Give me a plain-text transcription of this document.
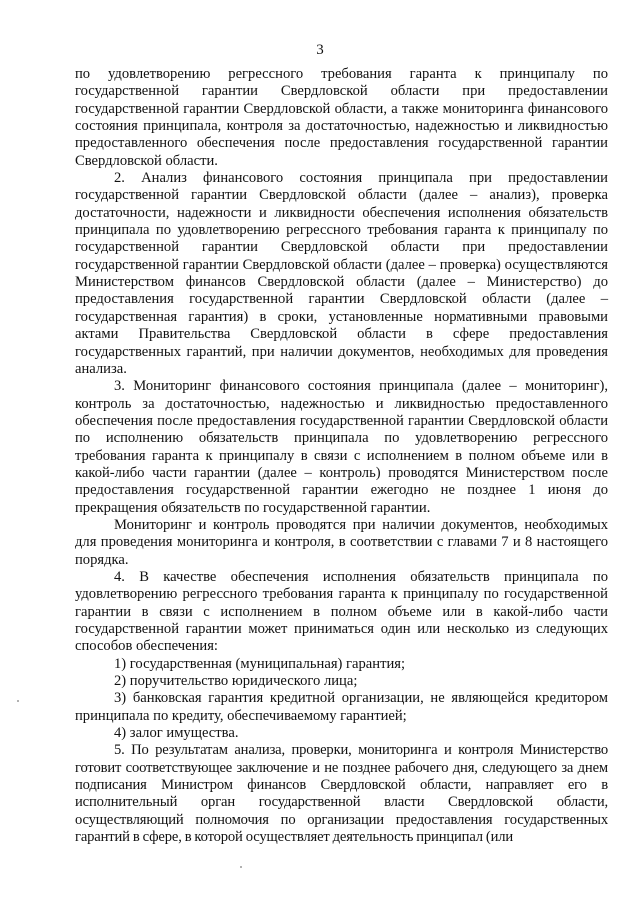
3

по удовлетворению регрессного требования гаранта к принципалу по государственной гарантии Свердловской области при предоставлении государственной гарантии Свердловской области, а также мониторинга финансового состояния принципала, контроля за достаточностью, надежностью и ликвидностью предоставленного обеспечения после предоставления государственной гарантии Свердловской области.

2. Анализ финансового состояния принципала при предоставлении государственной гарантии Свердловской области (далее – анализ), проверка достаточности, надежности и ликвидности обеспечения исполнения обязательств принципала по удовлетворению регрессного требования гаранта к принципалу по государственной гарантии Свердловской области при предоставлении государственной гарантии Свердловской области (далее – проверка) осуществляются Министерством финансов Свердловской области (далее – Министерство) до предоставления государственной гарантии Свердловской области (далее – государственная гарантия) в сроки, установленные нормативными правовыми актами Правительства Свердловской области в сфере предоставления государственных гарантий, при наличии документов, необходимых для проведения анализа.

3. Мониторинг финансового состояния принципала (далее – мониторинг), контроль за достаточностью, надежностью и ликвидностью предоставленного обеспечения после предоставления государственной гарантии Свердловской области по исполнению обязательств принципала по удовлетворению регрессного требования гаранта к принципалу в связи с исполнением в полном объеме или в какой-либо части гарантии (далее – контроль) проводятся Министерством после предоставления государственной гарантии ежегодно не позднее 1 июня до прекращения обязательств по государственной гарантии.

Мониторинг и контроль проводятся при наличии документов, необходимых для проведения мониторинга и контроля, в соответствии с главами 7 и 8 настоящего порядка.

4. В качестве обеспечения исполнения обязательств принципала по удовлетворению регрессного требования гаранта к принципалу по государственной гарантии в связи с исполнением в полном объеме или в какой-либо части государственной гарантии может приниматься один или несколько из следующих способов обеспечения:

1) государственная (муниципальная) гарантия;

2) поручительство юридического лица;

3) банковская гарантия кредитной организации, не являющейся кредитором принципала по кредиту, обеспечиваемому гарантией;

4) залог имущества.

5. По результатам анализа, проверки, мониторинга и контроля Министерство готовит соответствующее заключение и не позднее рабочего дня, следующего за днем подписания Министром финансов Свердловской области, направляет его в исполнительный орган государственной власти Свердловской области, осуществляющий полномочия по организации предоставления государственных гарантий в сфере, в которой осуществляет деятельность принципал (или
